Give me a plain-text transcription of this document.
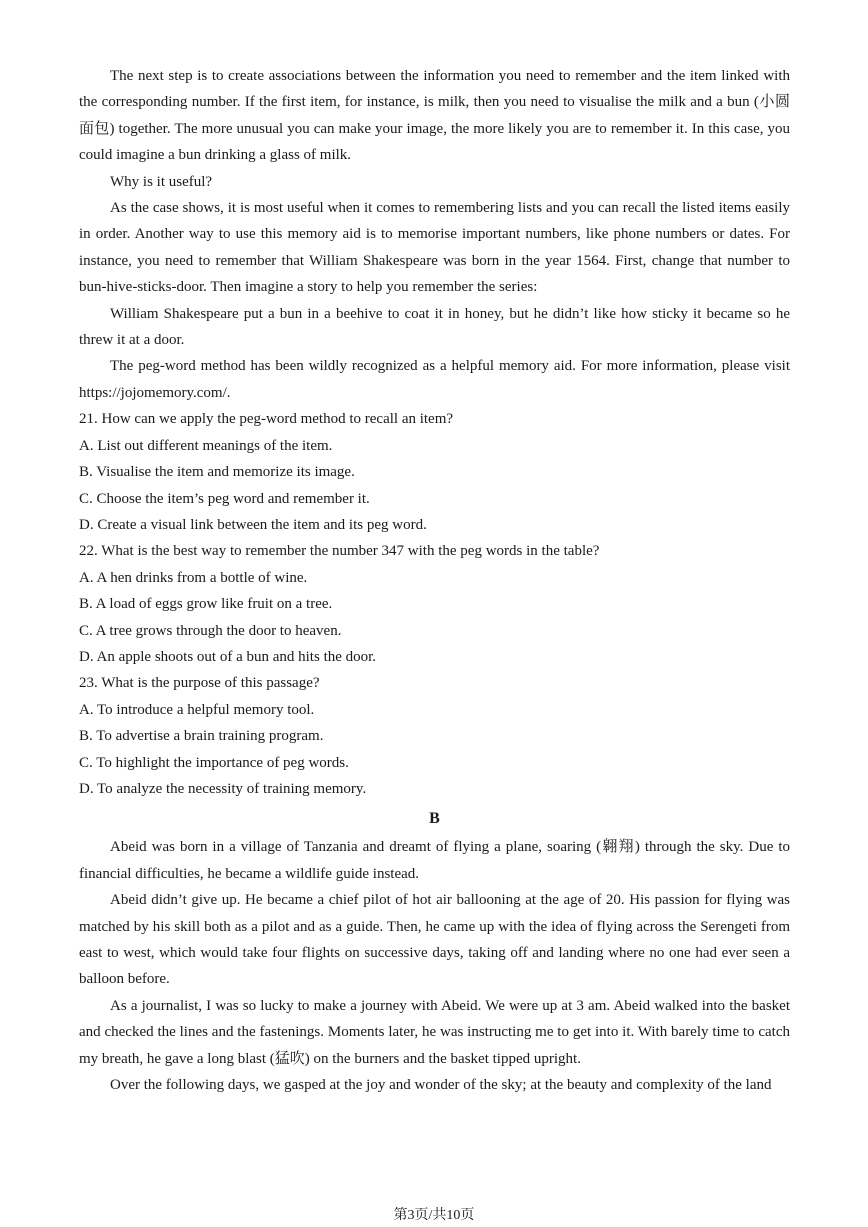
The next step is to create associations between the information you need to remember and the item linked with the corresponding number. If the first item, for instance, is milk, then you need to visualise the milk and a bun (小圆面包) together. The more unusual you can make your image, the more likely you are to remember it. In this case, you could imagine a bun drinking a glass of milk.

Why is it useful?

As the case shows, it is most useful when it comes to remembering lists and you can recall the listed items easily in order. Another way to use this memory aid is to memorise important numbers, like phone numbers or dates. For instance, you need to remember that William Shakespeare was born in the year 1564. First, change that number to bun-hive-sticks-door. Then imagine a story to help you remember the series:

William Shakespeare put a bun in a beehive to coat it in honey, but he didn’t like how sticky it became so he threw it at a door.

The peg-word method has been wildly recognized as a helpful memory aid. For more information, please visit https://jojomemory.com/.

21. How can we apply the peg-word method to recall an item?

A. List out different meanings of the item.

B. Visualise the item and memorize its image.

C. Choose the item’s peg word and remember it.

D. Create a visual link between the item and its peg word.

22. What is the best way to remember the number 347 with the peg words in the table?

A. A hen drinks from a bottle of wine.

B. A load of eggs grow like fruit on a tree.

C. A tree grows through the door to heaven.

D. An apple shoots out of a bun and hits the door.

23. What is the purpose of this passage?

A. To introduce a helpful memory tool.

B. To advertise a brain training program.

C. To highlight the importance of peg words.

D. To analyze the necessity of training memory.

B

Abeid was born in a village of Tanzania and dreamt of flying a plane, soaring (翱翔) through the sky. Due to financial difficulties, he became a wildlife guide instead.

Abeid didn’t give up. He became a chief pilot of hot air ballooning at the age of 20. His passion for flying was matched by his skill both as a pilot and as a guide. Then, he came up with the idea of flying across the Serengeti from east to west, which would take four flights on successive days, taking off and landing where no one had ever seen a balloon before.

As a journalist, I was so lucky to make a journey with Abeid. We were up at 3 am. Abeid walked into the basket and checked the lines and the fastenings. Moments later, he was instructing me to get into it. With barely time to catch my breath, he gave a long blast (猛吹) on the burners and the basket tipped upright.

Over the following days, we gasped at the joy and wonder of the sky; at the beauty and complexity of the land

第3页/共10页
